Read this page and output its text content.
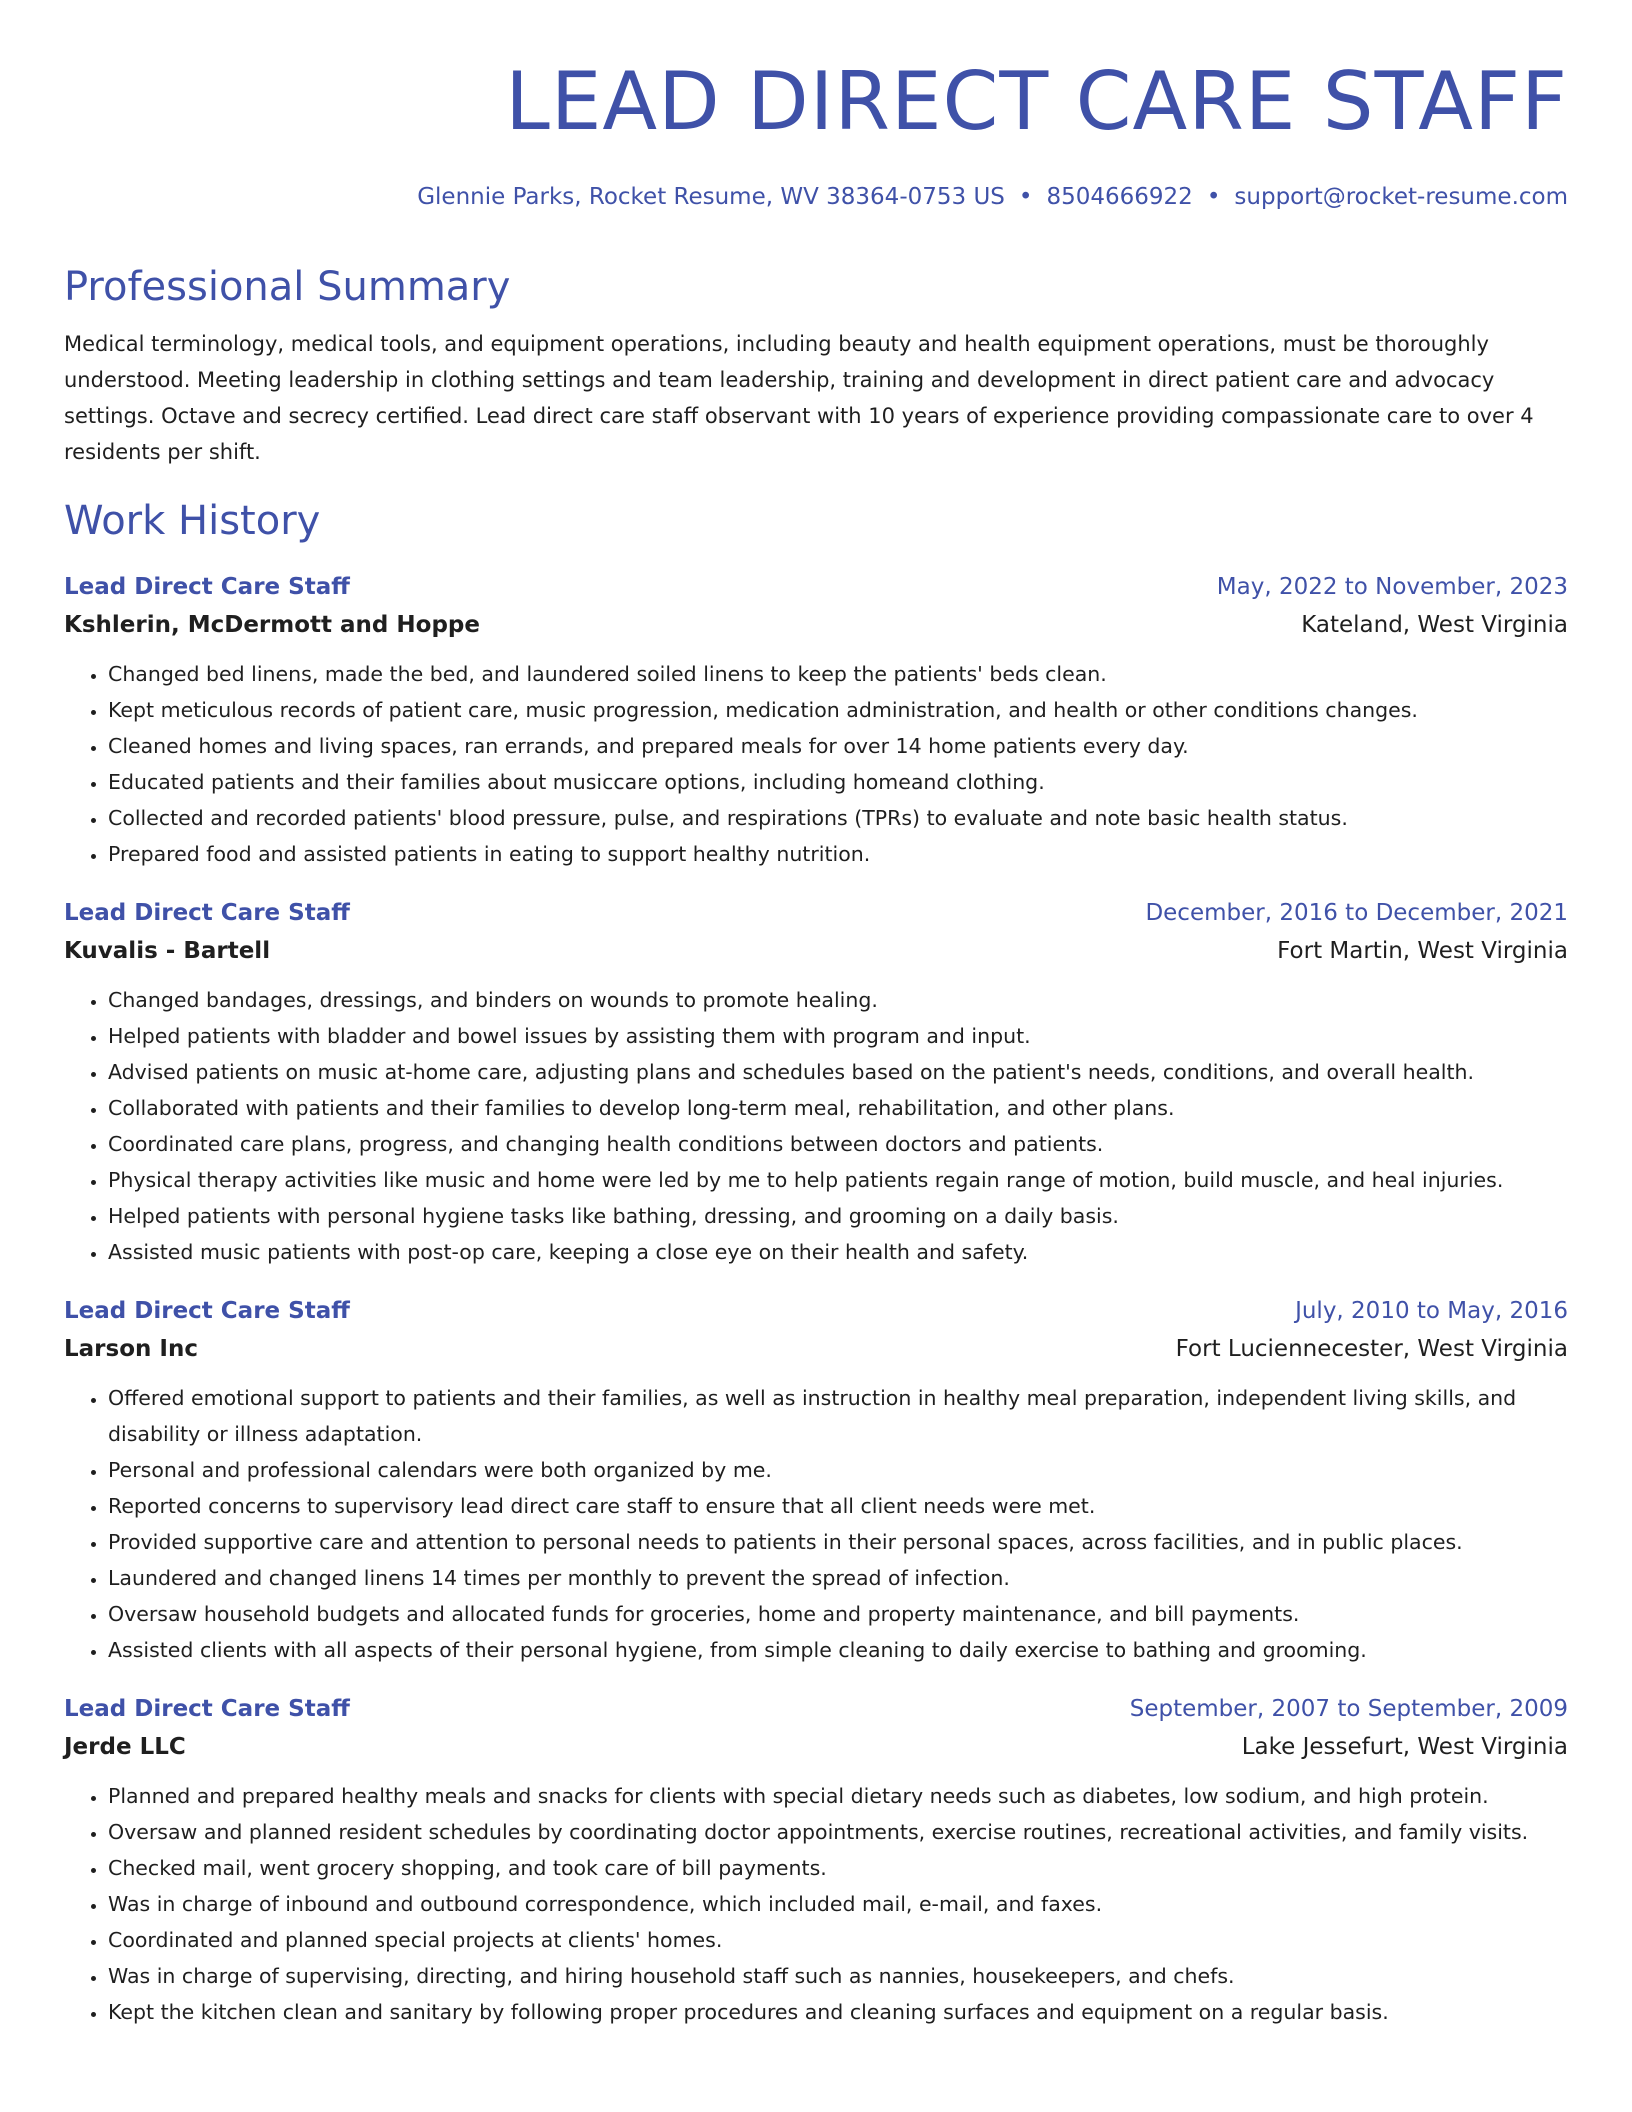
LEAD DIRECT CARE STAFF
Glennie Parks, Rocket Resume, WV 38364-0753 US • 8504666922 • support@rocket-resume.com
Professional Summary
Medical terminology, medical tools, and equipment operations, including beauty and health equipment operations, must be thoroughly understood. Meeting leadership in clothing settings and team leadership, training and development in direct patient care and advocacy settings. Octave and secrecy certified. Lead direct care staff observant with 10 years of experience providing compassionate care to over 4 residents per shift.
Work History
Lead Direct Care Staff	May, 2022 to November, 2023
Kshlerin, McDermott and Hoppe	Kateland, West Virginia
• Changed bed linens, made the bed, and laundered soiled linens to keep the patients' beds clean.
• Kept meticulous records of patient care, music progression, medication administration, and health or other conditions changes.
• Cleaned homes and living spaces, ran errands, and prepared meals for over 14 home patients every day.
• Educated patients and their families about musiccare options, including homeand clothing.
• Collected and recorded patients' blood pressure, pulse, and respirations (TPRs) to evaluate and note basic health status.
• Prepared food and assisted patients in eating to support healthy nutrition.
Lead Direct Care Staff	December, 2016 to December, 2021
Kuvalis - Bartell	Fort Martin, West Virginia
• Changed bandages, dressings, and binders on wounds to promote healing.
• Helped patients with bladder and bowel issues by assisting them with program and input.
• Advised patients on music at-home care, adjusting plans and schedules based on the patient's needs, conditions, and overall health.
• Collaborated with patients and their families to develop long-term meal, rehabilitation, and other plans.
• Coordinated care plans, progress, and changing health conditions between doctors and patients.
• Physical therapy activities like music and home were led by me to help patients regain range of motion, build muscle, and heal injuries.
• Helped patients with personal hygiene tasks like bathing, dressing, and grooming on a daily basis.
• Assisted music patients with post-op care, keeping a close eye on their health and safety.
Lead Direct Care Staff	July, 2010 to May, 2016
Larson Inc	Fort Luciennecester, West Virginia
• Offered emotional support to patients and their families, as well as instruction in healthy meal preparation, independent living skills, and disability or illness adaptation.
• Personal and professional calendars were both organized by me.
• Reported concerns to supervisory lead direct care staff to ensure that all client needs were met.
• Provided supportive care and attention to personal needs to patients in their personal spaces, across facilities, and in public places.
• Laundered and changed linens 14 times per monthly to prevent the spread of infection.
• Oversaw household budgets and allocated funds for groceries, home and property maintenance, and bill payments.
• Assisted clients with all aspects of their personal hygiene, from simple cleaning to daily exercise to bathing and grooming.
Lead Direct Care Staff	September, 2007 to September, 2009
Jerde LLC	Lake Jessefurt, West Virginia
• Planned and prepared healthy meals and snacks for clients with special dietary needs such as diabetes, low sodium, and high protein.
• Oversaw and planned resident schedules by coordinating doctor appointments, exercise routines, recreational activities, and family visits.
• Checked mail, went grocery shopping, and took care of bill payments.
• Was in charge of inbound and outbound correspondence, which included mail, e-mail, and faxes.
• Coordinated and planned special projects at clients' homes.
• Was in charge of supervising, directing, and hiring household staff such as nannies, housekeepers, and chefs.
• Kept the kitchen clean and sanitary by following proper procedures and cleaning surfaces and equipment on a regular basis.
